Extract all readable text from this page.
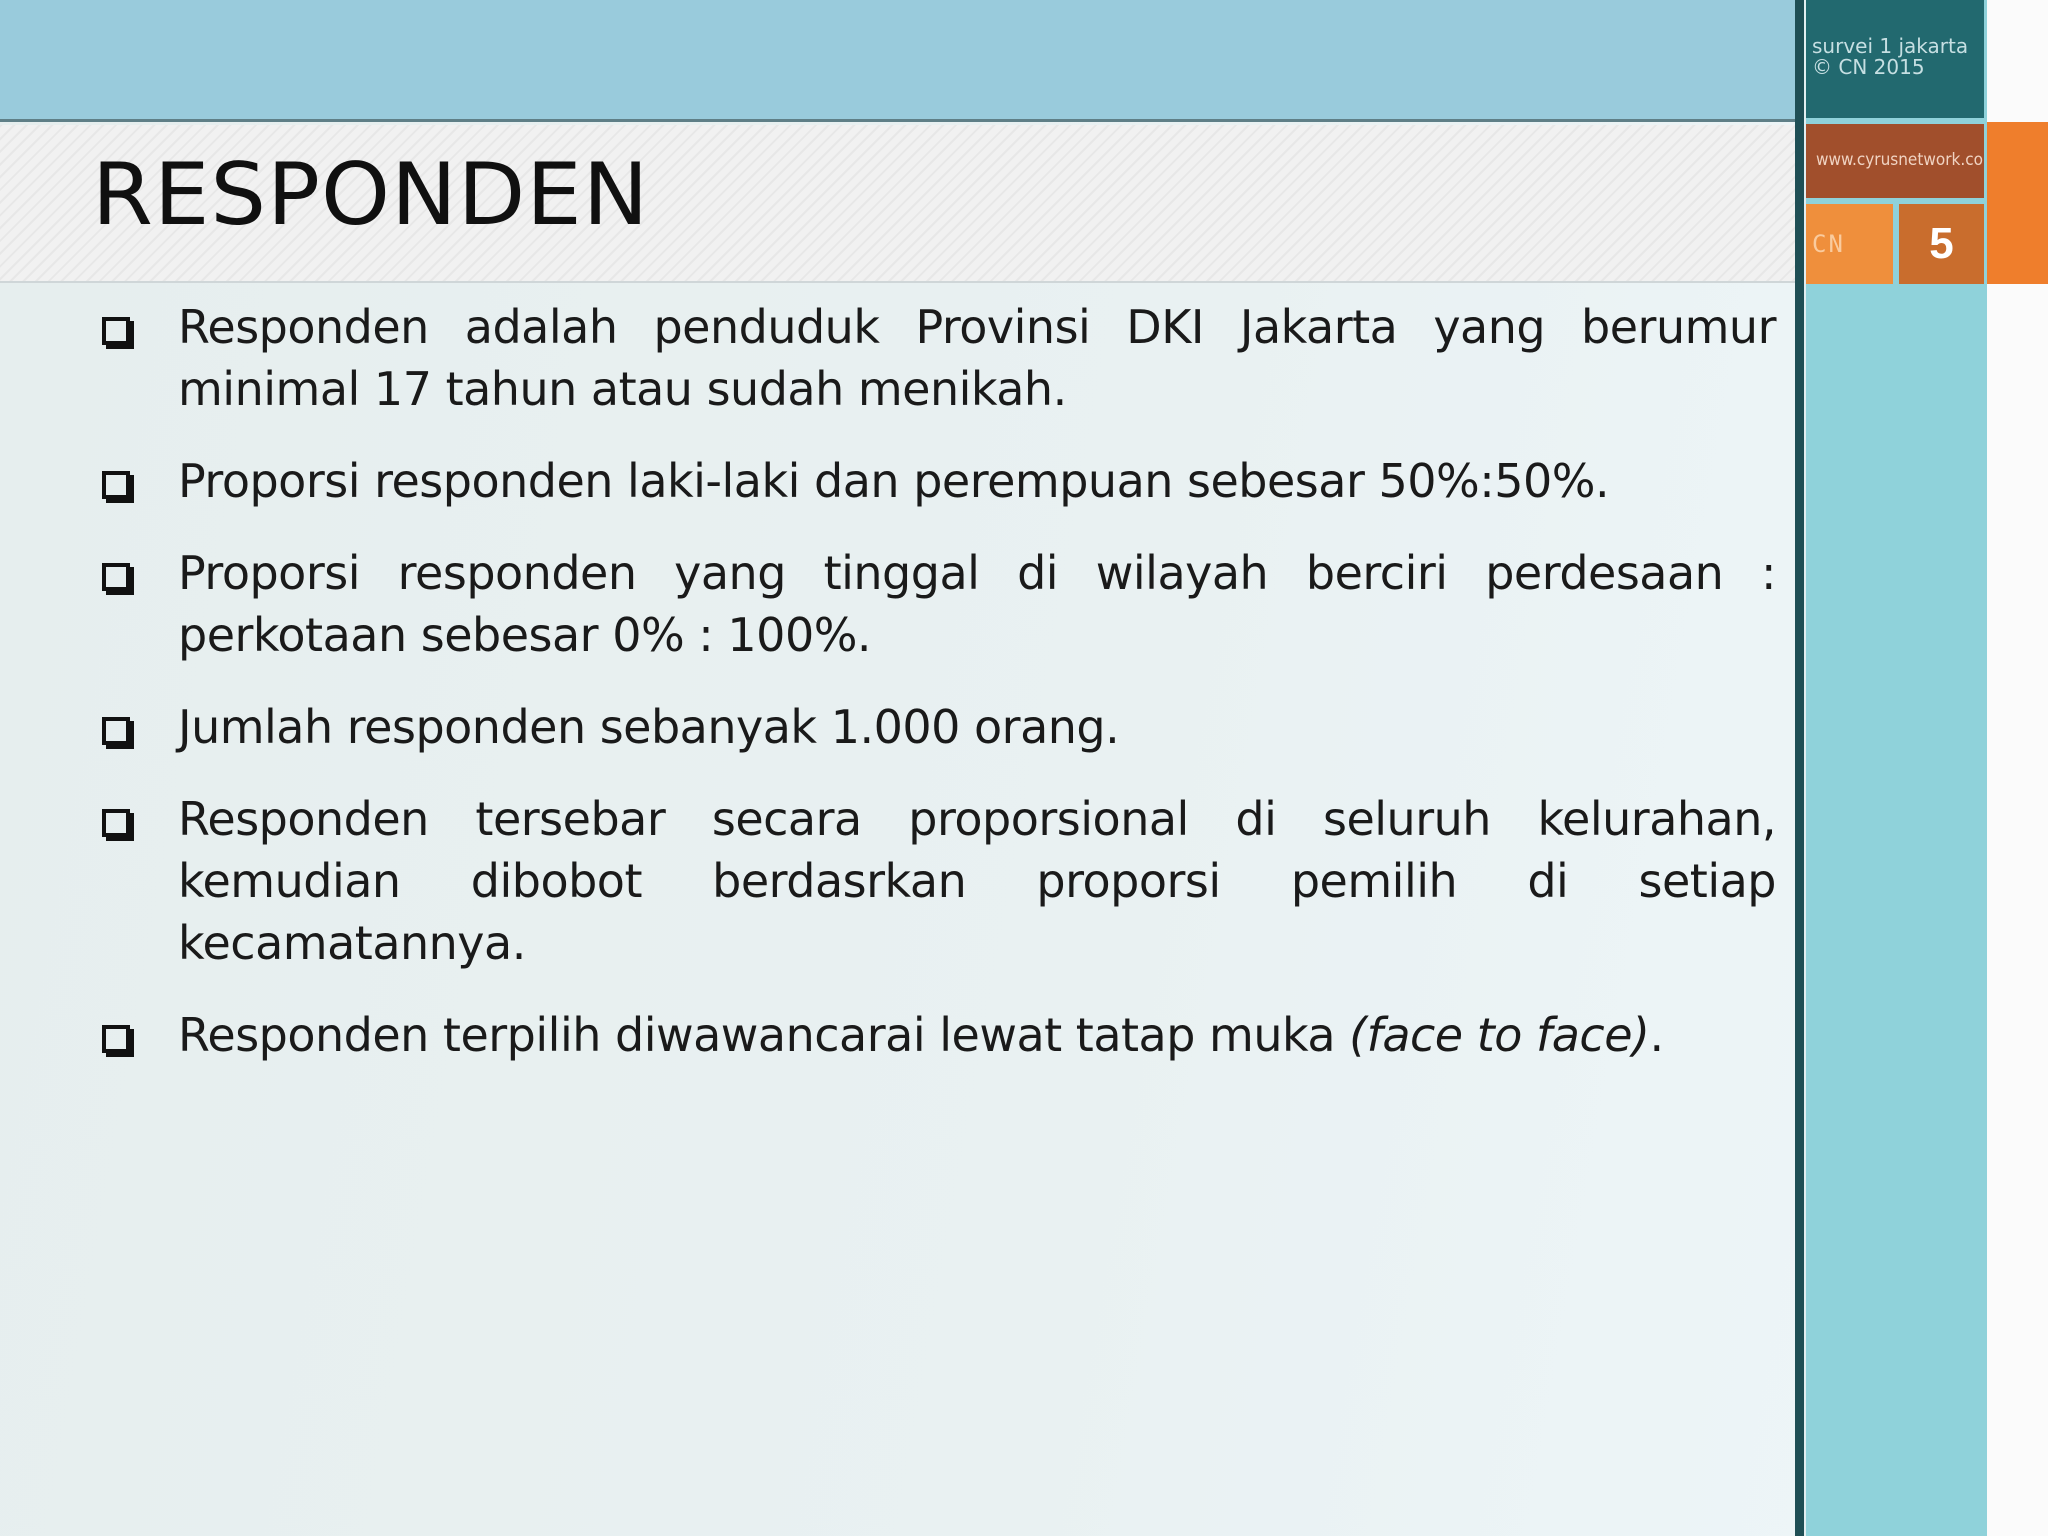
RESPONDEN
survei 1 jakarta
© CN 2015
www.cyrusnetwork.co
CN	5
Responden adalah penduduk Provinsi DKI Jakarta yang berumur minimal 17 tahun atau sudah menikah.
Proporsi responden laki-laki dan perempuan sebesar 50%:50%.
Proporsi responden yang tinggal di wilayah berciri perdesaan : perkotaan sebesar 0% : 100%.
Jumlah responden sebanyak 1.000 orang.
Responden tersebar secara proporsional di seluruh kelurahan, kemudian dibobot berdasrkan proporsi pemilih di setiap kecamatannya.
Responden terpilih diwawancarai lewat tatap muka (face to face).
